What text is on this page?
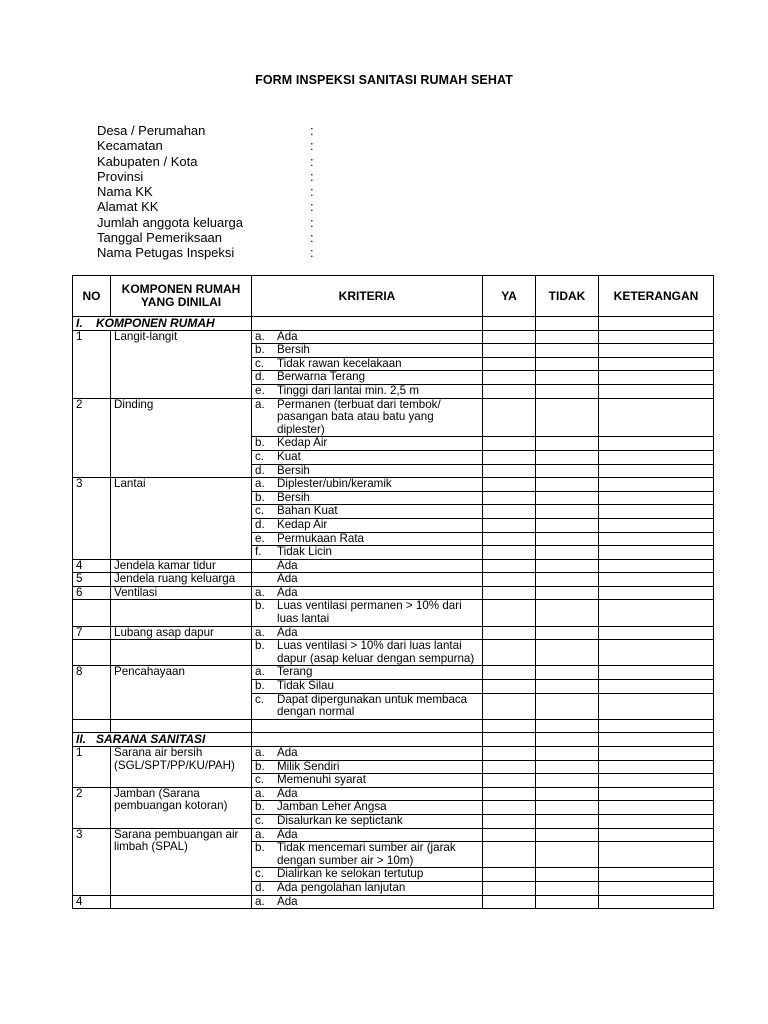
FORM INSPEKSI SANITASI RUMAH SEHAT
Desa / Perumahan	:
Kecamatan	:
Kabupaten / Kota	:
Provinsi	:
Nama KK	:
Alamat KK	:
Jumlah anggota keluarga	:
Tanggal Pemeriksaan	:
Nama Petugas Inspeksi	:
NO	KOMPONEN RUMAH YANG DINILAI	KRITERIA	YA	TIDAK	KETERANGAN
I.    KOMPONEN RUMAH					
1	Langit-langit	a. Ada			

		b. Bersih			

		c. Tidak rawan kecelakaan			

		d. Berwarna Terang			

		e. Tinggi dari lantai min. 2,5 m			

2	Dinding	a. Permanen (terbuat dari tembok/ pasangan bata atau batu yang diplester)			

		b. Kedap Air			

		c. Kuat			

		d. Bersih			

3	Lantai	a. Diplester/ubin/keramik			

		b. Bersih			

		c. Bahan Kuat			

		d. Kedap Air			

		e. Permukaan Rata			

		f. Tidak Licin			

4	Jendela kamar tidur	Ada			

5	Jendela ruang keluarga	Ada			

6	Ventilasi	a. Ada			

		b. Luas ventilasi permanen > 10% dari luas lantai			

7	Lubang asap dapur	a. Ada			

		b. Luas ventilasi > 10% dari luas lantai dapur (asap keluar dengan sempurna)			

8	Pencahayaan	a. Terang			

		b. Tidak Silau			

		c. Dapat dipergunakan untuk membaca dengan normal			

II.   SARANA SANITASI					
1	Sarana air bersih (SGL/SPT/PP/KU/PAH)	a. Ada			

		b. Milik Sendiri			

		c. Memenuhi syarat			

2	Jamban (Sarana pembuangan kotoran)	a. Ada			

		b. Jamban Leher Angsa			

		c. Disalurkan ke septictank			

3	Sarana pembuangan air limbah (SPAL)	a. Ada			

		b. Tidak mencemari sumber air (jarak dengan sumber air > 10m)			

		c. Dialirkan ke selokan tertutup			

		d. Ada pengolahan lanjutan			

4		a. Ada			
